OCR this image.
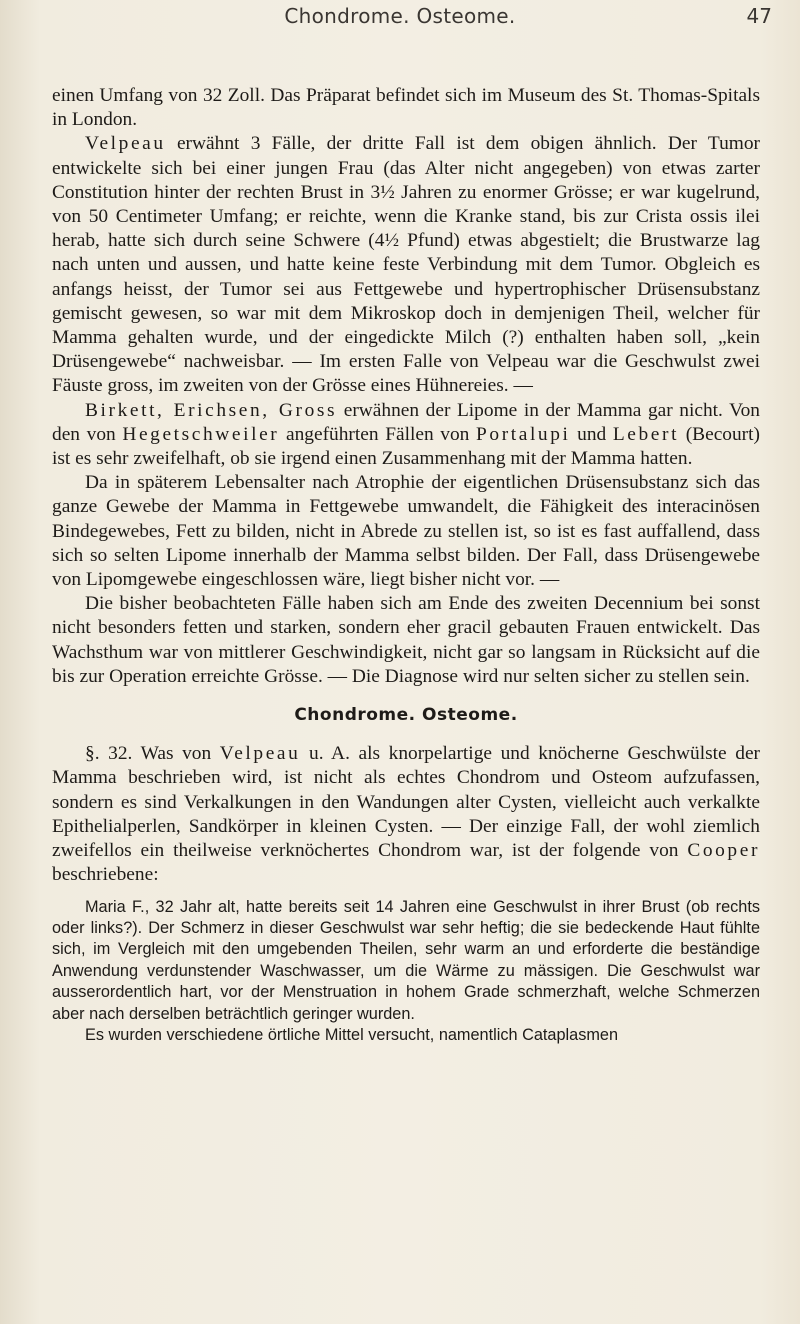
Chondrome. Osteome.	47

einen Umfang von 32 Zoll. Das Präparat befindet sich im Museum des St. Thomas-Spitals in London.

Velpeau erwähnt 3 Fälle, der dritte Fall ist dem obigen ähnlich. Der Tumor entwickelte sich bei einer jungen Frau (das Alter nicht angegeben) von etwas zarter Constitution hinter der rechten Brust in 3½ Jahren zu enormer Grösse; er war kugelrund, von 50 Centimeter Umfang; er reichte, wenn die Kranke stand, bis zur Crista ossis ilei herab, hatte sich durch seine Schwere (4½ Pfund) etwas abgestielt; die Brustwarze lag nach unten und aussen, und hatte keine feste Verbindung mit dem Tumor. Obgleich es anfangs heisst, der Tumor sei aus Fettgewebe und hypertrophischer Drüsensubstanz gemischt gewesen, so war mit dem Mikroskop doch in demjenigen Theil, welcher für Mamma gehalten wurde, und der eingedickte Milch (?) enthalten haben soll, „kein Drüsengewebe“ nachweisbar. — Im ersten Falle von Velpeau war die Geschwulst zwei Fäuste gross, im zweiten von der Grösse eines Hühnereies. —

Birkett, Erichsen, Gross erwähnen der Lipome in der Mamma gar nicht. Von den von Hegetschweiler angeführten Fällen von Portalupi und Lebert (Becourt) ist es sehr zweifelhaft, ob sie irgend einen Zusammenhang mit der Mamma hatten.

Da in späterem Lebensalter nach Atrophie der eigentlichen Drüsensubstanz sich das ganze Gewebe der Mamma in Fettgewebe umwandelt, die Fähigkeit des interacinösen Bindegewebes, Fett zu bilden, nicht in Abrede zu stellen ist, so ist es fast auffallend, dass sich so selten Lipome innerhalb der Mamma selbst bilden. Der Fall, dass Drüsengewebe von Lipomgewebe eingeschlossen wäre, liegt bisher nicht vor. —

Die bisher beobachteten Fälle haben sich am Ende des zweiten Decennium bei sonst nicht besonders fetten und starken, sondern eher gracil gebauten Frauen entwickelt. Das Wachsthum war von mittlerer Geschwindigkeit, nicht gar so langsam in Rücksicht auf die bis zur Operation erreichte Grösse. — Die Diagnose wird nur selten sicher zu stellen sein.

Chondrome. Osteome.

§. 32. Was von Velpeau u. A. als knorpelartige und knöcherne Geschwülste der Mamma beschrieben wird, ist nicht als echtes Chondrom und Osteom aufzufassen, sondern es sind Verkalkungen in den Wandungen alter Cysten, vielleicht auch verkalkte Epithelialperlen, Sandkörper in kleinen Cysten. — Der einzige Fall, der wohl ziemlich zweifellos ein theilweise verknöchertes Chondrom war, ist der folgende von Cooper beschriebene:

Maria F., 32 Jahr alt, hatte bereits seit 14 Jahren eine Geschwulst in ihrer Brust (ob rechts oder links?). Der Schmerz in dieser Geschwulst war sehr heftig; die sie bedeckende Haut fühlte sich, im Vergleich mit den umgebenden Theilen, sehr warm an und erforderte die beständige Anwendung verdunstender Waschwasser, um die Wärme zu mässigen. Die Geschwulst war ausserordentlich hart, vor der Menstruation in hohem Grade schmerzhaft, welche Schmerzen aber nach derselben beträchtlich geringer wurden.

Es wurden verschiedene örtliche Mittel versucht, namentlich Cataplasmen
